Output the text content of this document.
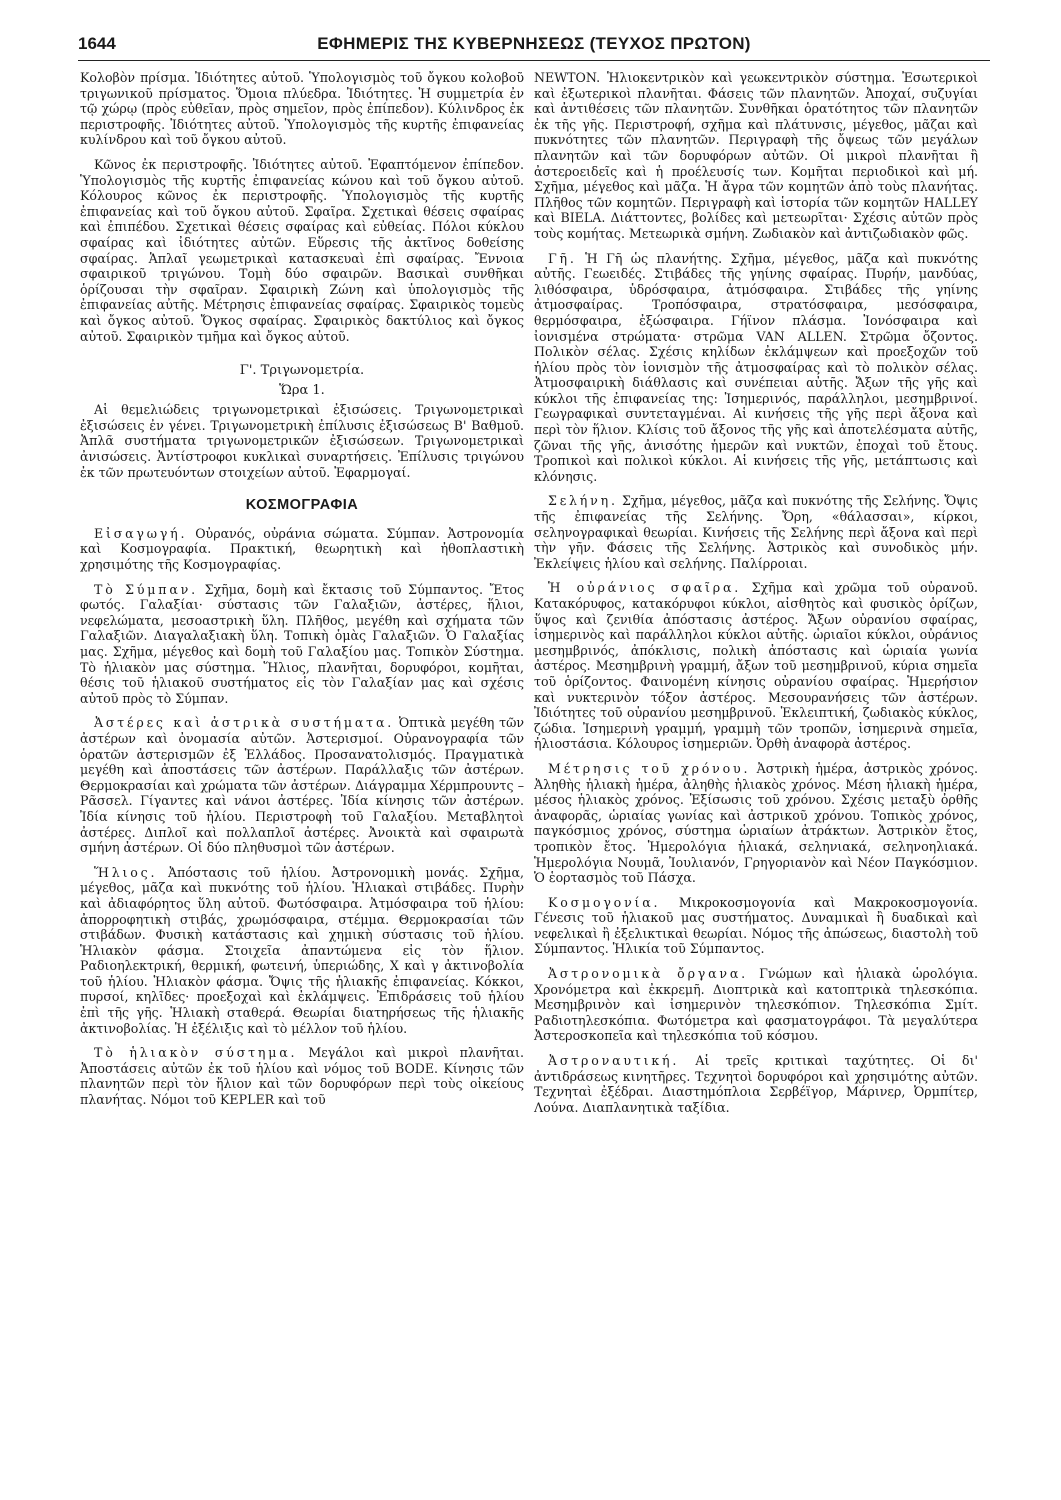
1644	ΕΦΗΜΕΡΙΣ ΤΗΣ ΚΥΒΕΡΝΗΣΕΩΣ (ΤΕΥΧΟΣ ΠΡΩΤΟΝ)

Κολοβὸν πρίσμα. Ἰδιότητες αὐτοῦ. Ὑπολογισμὸς τοῦ ὄγκου κολοβοῦ τριγωνικοῦ πρίσματος. Ὅμοια πλύεδρα. Ἰδιότητες. Ἡ συμμετρία ἐν τῷ χώρῳ (πρὸς εὐθεῖαν, πρὸς σημεῖον, πρὸς ἐπίπεδον). Κύλινδρος ἐκ περιστροφῆς. Ἰδιότητες αὐτοῦ. Ὑπολογισμὸς τῆς κυρτῆς ἐπιφανείας κυλίνδρου καὶ τοῦ ὄγκου αὐτοῦ.

Κῶνος ἐκ περιστροφῆς. Ἰδιότητες αὐτοῦ. Ἐφαπτόμενον ἐπίπεδον. Ὑπολογισμὸς τῆς κυρτῆς ἐπιφανείας κώνου καὶ τοῦ ὄγκου αὐτοῦ. Κόλουρος κῶνος ἐκ περιστροφῆς. Ὑπολογισμὸς τῆς κυρτῆς ἐπιφανείας καὶ τοῦ ὄγκου αὐτοῦ. Σφαῖρα. Σχετικαὶ θέσεις σφαίρας καὶ ἐπιπέδου. Σχετικαὶ θέσεις σφαίρας καὶ εὐθείας. Πόλοι κύκλου σφαίρας καὶ ἰδιότητες αὐτῶν. Εὕρεσις τῆς ἀκτῖνος δοθείσης σφαίρας. Ἁπλαῖ γεωμετρικαὶ κατασκευαὶ ἐπὶ σφαίρας. Ἔννοια σφαιρικοῦ τριγώνου. Τομὴ δύο σφαιρῶν. Βασικαὶ συνθῆκαι ὁρίζουσαι τὴν σφαῖραν. Σφαιρικὴ Ζώνη καὶ ὑπολογισμὸς τῆς ἐπιφανείας αὐτῆς. Μέτρησις ἐπιφανείας σφαίρας. Σφαιρικὸς τομεὺς καὶ ὄγκος αὐτοῦ. Ὄγκος σφαίρας. Σφαιρικὸς δακτύλιος καὶ ὄγκος αὐτοῦ. Σφαιρικὸν τμῆμα καὶ ὄγκος αὐτοῦ.

Γ'. Τριγωνομετρία.
Ὥρα 1.

Αἱ θεμελιώδεις τριγωνομετρικαὶ ἐξισώσεις. Τριγωνομετρικαὶ ἐξισώσεις ἐν γένει. Τριγωνομετρικὴ ἐπίλυσις ἐξισώσεως Β' Βαθμοῦ. Ἁπλᾶ συστήματα τριγωνομετρικῶν ἐξισώσεων. Τριγωνομετρικαὶ ἀνισώσεις. Ἀντίστροφοι κυκλικαὶ συναρτήσεις. Ἐπίλυσις τριγώνου ἐκ τῶν πρωτευόντων στοιχείων αὐτοῦ. Ἐφαρμογαί.

ΚΟΣΜΟΓΡΑΦΙΑ

Εἰσαγωγή. Οὐρανός, οὐράνια σώματα. Σύμπαν. Ἀστρονομία καὶ Κοσμογραφία. Πρακτική, θεωρητικὴ καὶ ἠθοπλαστικὴ χρησιμότης τῆς Κοσμογραφίας.

Τὸ Σύμπαν. Σχῆμα, δομὴ καὶ ἔκτασις τοῦ Σύμπαντος. Ἔτος φωτός. Γαλαξίαι· σύστασις τῶν Γαλαξιῶν, ἀστέρες, ἥλιοι, νεφελώματα, μεσοαστρικὴ ὕλη. Πλῆθος, μεγέθη καὶ σχήματα τῶν Γαλαξιῶν. Διαγαλαξιακὴ ὕλη. Τοπικὴ ὁμὰς Γαλαξιῶν. Ὁ Γαλαξίας μας. Σχῆμα, μέγεθος καὶ δομὴ τοῦ Γαλαξίου μας. Τοπικὸν Σύστημα. Τὸ ἡλιακὸν μας σύστημα. Ἥλιος, πλανῆται, δορυφόροι, κομῆται, θέσις τοῦ ἡλιακοῦ συστήματος εἰς τὸν Γαλαξίαν μας καὶ σχέσις αὐτοῦ πρὸς τὸ Σύμπαν.

Ἀστέρες καὶ ἀστρικὰ συστήματα. Ὀπτικὰ μεγέθη τῶν ἀστέρων καὶ ὀνομασία αὐτῶν. Ἀστερισμοί. Οὐρανογραφία τῶν ὁρατῶν ἀστερισμῶν ἐξ Ἑλλάδος. Προσανατολισμός. Πραγματικὰ μεγέθη καὶ ἀποστάσεις τῶν ἀστέρων. Παράλλαξις τῶν ἀστέρων. Θερμοκρασίαι καὶ χρώματα τῶν ἀστέρων. Διάγραμμα Χέρμπρουντς – Ρᾶσσελ. Γίγαντες καὶ νάνοι ἀστέρες. Ἰδία κίνησις τῶν ἀστέρων. Ἰδία κίνησις τοῦ ἡλίου. Περιστροφὴ τοῦ Γαλαξίου. Μεταβλητοὶ ἀστέρες. Διπλοῖ καὶ πολλαπλοῖ ἀστέρες. Ἀνοικτὰ καὶ σφαιρωτὰ σμήνη ἀστέρων. Οἱ δύο πληθυσμοὶ τῶν ἀστέρων.

Ἥλιος. Ἀπόστασις τοῦ ἡλίου. Ἀστρονομικὴ μονάς. Σχῆμα, μέγεθος, μᾶζα καὶ πυκνότης τοῦ ἡλίου. Ἡλιακαὶ στιβάδες. Πυρὴν καὶ ἀδιαφόρητος ὕλη αὐτοῦ. Φωτόσφαιρα. Ἀτμόσφαιρα τοῦ ἡλίου: ἀπορροφητικὴ στιβάς, χρωμόσφαιρα, στέμμα. Θερμοκρασίαι τῶν στιβάδων. Φυσικὴ κατάστασις καὶ χημικὴ σύστασις τοῦ ἡλίου. Ἡλιακὸν φάσμα. Στοιχεῖα ἀπαντώμενα εἰς τὸν ἥλιον. Ραδιοηλεκτρική, θερμική, φωτεινή, ὑπεριώδης, Χ καὶ γ ἀκτινοβολία τοῦ ἡλίου. Ἡλιακὸν φάσμα. Ὄψις τῆς ἡλιακῆς ἐπιφανείας. Κόκκοι, πυρσοί, κηλῖδες· προεξοχαὶ καὶ ἐκλάμψεις. Ἐπιδράσεις τοῦ ἡλίου ἐπὶ τῆς γῆς. Ἡλιακὴ σταθερά. Θεωρίαι διατηρήσεως τῆς ἡλιακῆς ἀκτινοβολίας. Ἡ ἐξέλιξις καὶ τὸ μέλλον τοῦ ἡλίου.

Τὸ ἡλιακὸν σύστημα. Μεγάλοι καὶ μικροὶ πλανῆται. Ἀποστάσεις αὐτῶν ἐκ τοῦ ἡλίου καὶ νόμος τοῦ BODE. Κίνησις τῶν πλανητῶν περὶ τὸν ἥλιον καὶ τῶν δορυφόρων περὶ τοὺς οἰκείους πλανήτας. Νόμοι τοῦ KEPLER καὶ τοῦ

NEWTON. Ἡλιοκεντρικὸν καὶ γεωκεντρικὸν σύστημα. Ἐσωτερικοὶ καὶ ἐξωτερικοὶ πλανῆται. Φάσεις τῶν πλανητῶν. Ἀποχαί, συζυγίαι καὶ ἀντιθέσεις τῶν πλανητῶν. Συνθῆκαι ὁρατότητος τῶν πλανητῶν ἐκ τῆς γῆς. Περιστροφή, σχῆμα καὶ πλάτυνσις, μέγεθος, μᾶζαι καὶ πυκνότητες τῶν πλανητῶν. Περιγραφὴ τῆς ὄψεως τῶν μεγάλων πλανητῶν καὶ τῶν δορυφόρων αὐτῶν. Οἱ μικροὶ πλανῆται ἢ ἀστεροειδεῖς καὶ ἡ προέλευσίς των. Κομῆται περιοδικοὶ καὶ μή. Σχῆμα, μέγεθος καὶ μᾶζα. Ἡ ἄγρα τῶν κομητῶν ἀπὸ τοὺς πλανήτας. Πλῆθος τῶν κομητῶν. Περιγραφὴ καὶ ἱστορία τῶν κομητῶν HALLEY καὶ BIELA. Διάττοντες, βολίδες καὶ μετεωρῖται· Σχέσις αὐτῶν πρὸς τοὺς κομήτας. Μετεωρικὰ σμήνη. Ζωδιακὸν καὶ ἀντιζωδιακὸν φῶς.

Γῆ. Ἡ Γῆ ὡς πλανήτης. Σχῆμα, μέγεθος, μᾶζα καὶ πυκνότης αὐτῆς. Γεωειδές. Στιβάδες τῆς γηίνης σφαίρας. Πυρήν, μανδύας, λιθόσφαιρα, ὑδρόσφαιρα, ἀτμόσφαιρα. Στιβάδες τῆς γηίνης ἀτμοσφαίρας. Τροπόσφαιρα, στρατόσφαιρα, μεσόσφαιρα, θερμόσφαιρα, ἐξώσφαιρα. Γήϊνον πλάσμα. Ἰονόσφαιρα καὶ ἰονισμένα στρώματα· στρῶμα VAN ALLEN. Στρῶμα ὄζοντος. Πολικὸν σέλας. Σχέσις κηλίδων ἐκλάμψεων καὶ προεξοχῶν τοῦ ἡλίου πρὸς τὸν ἰονισμὸν τῆς ἀτμοσφαίρας καὶ τὸ πολικὸν σέλας. Ἀτμοσφαιρικὴ διάθλασις καὶ συνέπειαι αὐτῆς. Ἄξων τῆς γῆς καὶ κύκλοι τῆς ἐπιφανείας της: Ἰσημερινός, παράλληλοι, μεσημβρινοί. Γεωγραφικαὶ συντεταγμέναι. Αἱ κινήσεις τῆς γῆς περὶ ἄξονα καὶ περὶ τὸν ἥλιον. Κλίσις τοῦ ἄξονος τῆς γῆς καὶ ἀποτελέσματα αὐτῆς, ζῶναι τῆς γῆς, ἀνισότης ἡμερῶν καὶ νυκτῶν, ἐποχαὶ τοῦ ἔτους. Τροπικοὶ καὶ πολικοὶ κύκλοι. Αἱ κινήσεις τῆς γῆς, μετάπτωσις καὶ κλόνησις.

Σελήνη. Σχῆμα, μέγεθος, μᾶζα καὶ πυκνότης τῆς Σελήνης. Ὄψις τῆς ἐπιφανείας τῆς Σελήνης. Ὄρη, «θάλασσαι», κίρκοι, σεληνογραφικαὶ θεωρίαι. Κινήσεις τῆς Σελήνης περὶ ἄξονα καὶ περὶ τὴν γῆν. Φάσεις τῆς Σελήνης. Ἀστρικὸς καὶ συνοδικὸς μήν. Ἐκλείψεις ἡλίου καὶ σελήνης. Παλίρροιαι.

Ἡ οὐράνιος σφαῖρα. Σχῆμα καὶ χρῶμα τοῦ οὐρανοῦ. Κατακόρυφος, κατακόρυφοι κύκλοι, αἰσθητὸς καὶ φυσικὸς ὁρίζων, ὕψος καὶ ζενιθία ἀπόστασις ἀστέρος. Ἄξων οὐρανίου σφαίρας, ἰσημερινὸς καὶ παράλληλοι κύκλοι αὐτῆς. ὡριαῖοι κύκλοι, οὐράνιος μεσημβρινός, ἀπόκλισις, πολικὴ ἀπόστασις καὶ ὡριαία γωνία ἀστέρος. Μεσημβρινὴ γραμμή, ἄξων τοῦ μεσημβρινοῦ, κύρια σημεῖα τοῦ ὁρίζοντος. Φαινομένη κίνησις οὐρανίου σφαίρας. Ἡμερήσιον καὶ νυκτερινὸν τόξον ἀστέρος. Μεσουρανήσεις τῶν ἀστέρων. Ἰδιότητες τοῦ οὐρανίου μεσημβρινοῦ. Ἐκλειπτική, ζωδιακὸς κύκλος, ζώδια. Ἰσημερινὴ γραμμή, γραμμὴ τῶν τροπῶν, ἰσημερινὰ σημεῖα, ἡλιοστάσια. Κόλουρος ἰσημεριῶν. Ὀρθὴ ἀναφορὰ ἀστέρος.

Μέτρησις τοῦ χρόνου. Ἀστρικὴ ἡμέρα, ἀστρικὸς χρόνος. Ἀληθὴς ἡλιακὴ ἡμέρα, ἀληθὴς ἡλιακὸς χρόνος. Μέση ἡλιακὴ ἡμέρα, μέσος ἡλιακὸς χρόνος. Ἐξίσωσις τοῦ χρόνου. Σχέσις μεταξὺ ὀρθῆς ἀναφορᾶς, ὡριαίας γωνίας καὶ ἀστρικοῦ χρόνου. Τοπικὸς χρόνος, παγκόσμιος χρόνος, σύστημα ὡριαίων ἀτράκτων. Ἀστρικὸν ἔτος, τροπικὸν ἔτος. Ἡμερολόγια ἡλιακά, σεληνιακά, σεληνοηλιακά. Ἡμερολόγια Νουμᾶ, Ἰουλιανόν, Γρηγοριανὸν καὶ Νέον Παγκόσμιον. Ὁ ἑορτασμὸς τοῦ Πάσχα.

Κοσμογονία. Μικροκοσμογονία καὶ Μακροκοσμογονία. Γένεσις τοῦ ἡλιακοῦ μας συστήματος. Δυναμικαὶ ἢ δυαδικαὶ καὶ νεφελικαὶ ἢ ἐξελικτικαὶ θεωρίαι. Νόμος τῆς ἀπώσεως, διαστολὴ τοῦ Σύμπαντος. Ἡλικία τοῦ Σύμπαντος.

Ἀστρονομικὰ ὄργανα. Γνώμων καὶ ἡλιακὰ ὡρολόγια. Χρονόμετρα καὶ ἐκκρεμῆ. Διοπτρικὰ καὶ κατοπτρικὰ τηλεσκόπια. Μεσημβρινὸν καὶ ἰσημερινὸν τηλεσκόπιον. Τηλεσκόπια Σμίτ. Ραδιοτηλεσκόπια. Φωτόμετρα καὶ φασματογράφοι. Τὰ μεγαλύτερα Ἀστεροσκοπεῖα καὶ τηλεσκόπια τοῦ κόσμου.

Ἀστροναυτική. Αἱ τρεῖς κριτικαὶ ταχύτητες. Οἱ δι' ἀντιδράσεως κινητῆρες. Τεχνητοὶ δορυφόροι καὶ χρησιμότης αὐτῶν. Τεχνηταὶ ἐξέδραι. Διαστημόπλοια Σερβέϊγορ, Μάρινερ, Ὀρμπίτερ, Λούνα. Διαπλανητικὰ ταξίδια.
